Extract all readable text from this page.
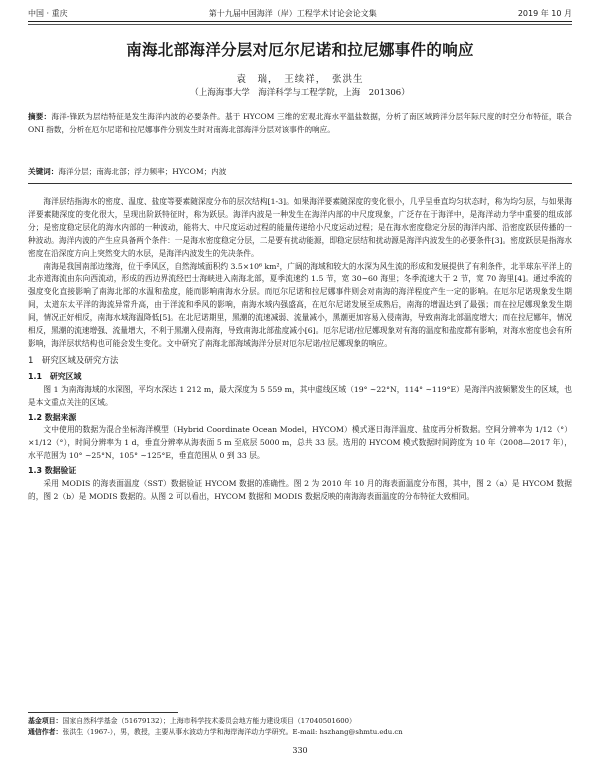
中国 · 重庆	第十九届中国海洋（岸）工程学术讨论会论文集	2019 年 10 月
南海北部海洋分层对厄尔尼诺和拉尼娜事件的响应
袁　瑞，　王续祥，　张洪生
（上海海事大学　海洋科学与工程学院，上海　201306）
摘要：海洋-锋跃为层结特征是发生海洋内波的必要条件。基于 HYCOM 三维的宏观北海水平温盐数据，分析了南区域跨洋分层年际尺度的时空分布特征，联合 ONI 指数，分析在厄尔尼诺和拉尼娜事件分别发生时对南海北部海洋分层对该事件的响应。
关键词：海洋分层；南海北部；浮力频率；HYCOM；内波

海洋层结指海水的密度、温度、盐度等要素随深度分布的层次结构[1-3]。如果海洋要素随深度的变化很小，几乎呈垂直均匀状态时，称为均匀层，与如果海洋要素随深度的变化很大，呈现出阶跃特征时，称为跃层。海洋内波是一种发生在海洋内部的中尺度现象，广泛存在于海洋中，是海洋动力学中重要的组成部分；是密度稳定层化的海水内部的一种波动，能将大、中尺度运动过程的能量传递给小尺度运动过程；是在海水密度稳定分层的海洋内部、沿密度跃层传播的一种波动。海洋内波的产生应具备两个条件：一是海水密度稳定分层，二是要有扰动能源，即稳定层结和扰动源是海洋内波发生的必要条件[3]。密度跃层是指海水密度在沿深度方向上突然变大的水层，是海洋内波发生的先决条件。

南海是我国南部边缘海，位于季风区，自然海域面积约 3.5×10⁶ km²，广阔的海域和较大的水深为风生流的形成和发展提供了有利条件，北半球东平洋上的北赤道海流由东向西流动，形成的西边界流经巴士海峡进入南海北部，夏季流速约 1.5 节，宽 30~60 海里；冬季流速大于 2 节，宽 70 海里[4]。通过季流的强度变化直接影响了南海北部的水温和盐度，能而影响南海水分层。而厄尔尼诺和拉尼娜事件则会对南海的海洋程度产生一定的影响。在厄尔尼诺现象发生期间，太道东太平洋的海流异常升高，由于洋流和季风的影响，南海水域内强盛高，在厄尔尼诺发展至成熟后，南海的增温达到了最强；而在拉尼娜现象发生期间，情况正好相反，南海水域海温降低[5]。在北尼诺期里，黑潮的流速减弱、流量减小，黑潮更加容易入侵南海，导致南海北部温度增大；而在拉尼娜年，情况相反，黑潮的流速增强、流量增大，不利于黑潮入侵南海，导致南海北部盐度减小[6]。厄尔尼诺/拉尼娜现象对有海的温度和盐度都有影响，对海水密度也会有所影响，海洋层状结构也可能会发生变化。文中研究了南海北部海域海洋分层对厄尔尼诺/拉尼娜现象的响应。

1　研究区域及研究方法

1.1　研究区域

图 1 为南海海域的水深图，平均水深达 1 212 m，最大深度为 5 559 m，其中虚线区域（19° ~22°N，114° ~119°E）是海洋内波频繁发生的区域，也是本文重点关注的区域。

1.2 数据来源

文中使用的数据为混合坐标海洋模型（Hybrid Coordinate Ocean Model，HYCOM）模式逐日海洋温度、盐度再分析数据。空间分辨率为 1/12（°）×1/12（°），时间分辨率为 1 d，垂直分辨率从海表面 5 m 至底层 5000 m，总共 33 层。选用的 HYCOM 模式数据时间跨度为 10 年（2008—2017 年），水平范围为 10° ~25°N，105° ~125°E，垂直范围从 0 到 33 层。

1.3 数据验证

采用 MODIS 的海表面温度（SST）数据验证 HYCOM 数据的准确性。图 2 为 2010 年 10 月的海表面温度分布图，其中，图 2（a）是 HYCOM 数据的，图 2（b）是 MODIS 数据的。从图 2 可以看出，HYCOM 数据和 MODIS 数据反映的南海海表面温度的分布特征大致相同。

基金项目：国家自然科学基金（51679132）；上海市科学技术委员会地方能力建设项目（17040501600）
通信作者：张洪生（1967-），男，教授，主要从事水波动力学和海岸海洋动力学研究。E-mail: hszhang@shmtu.edu.cn
330
